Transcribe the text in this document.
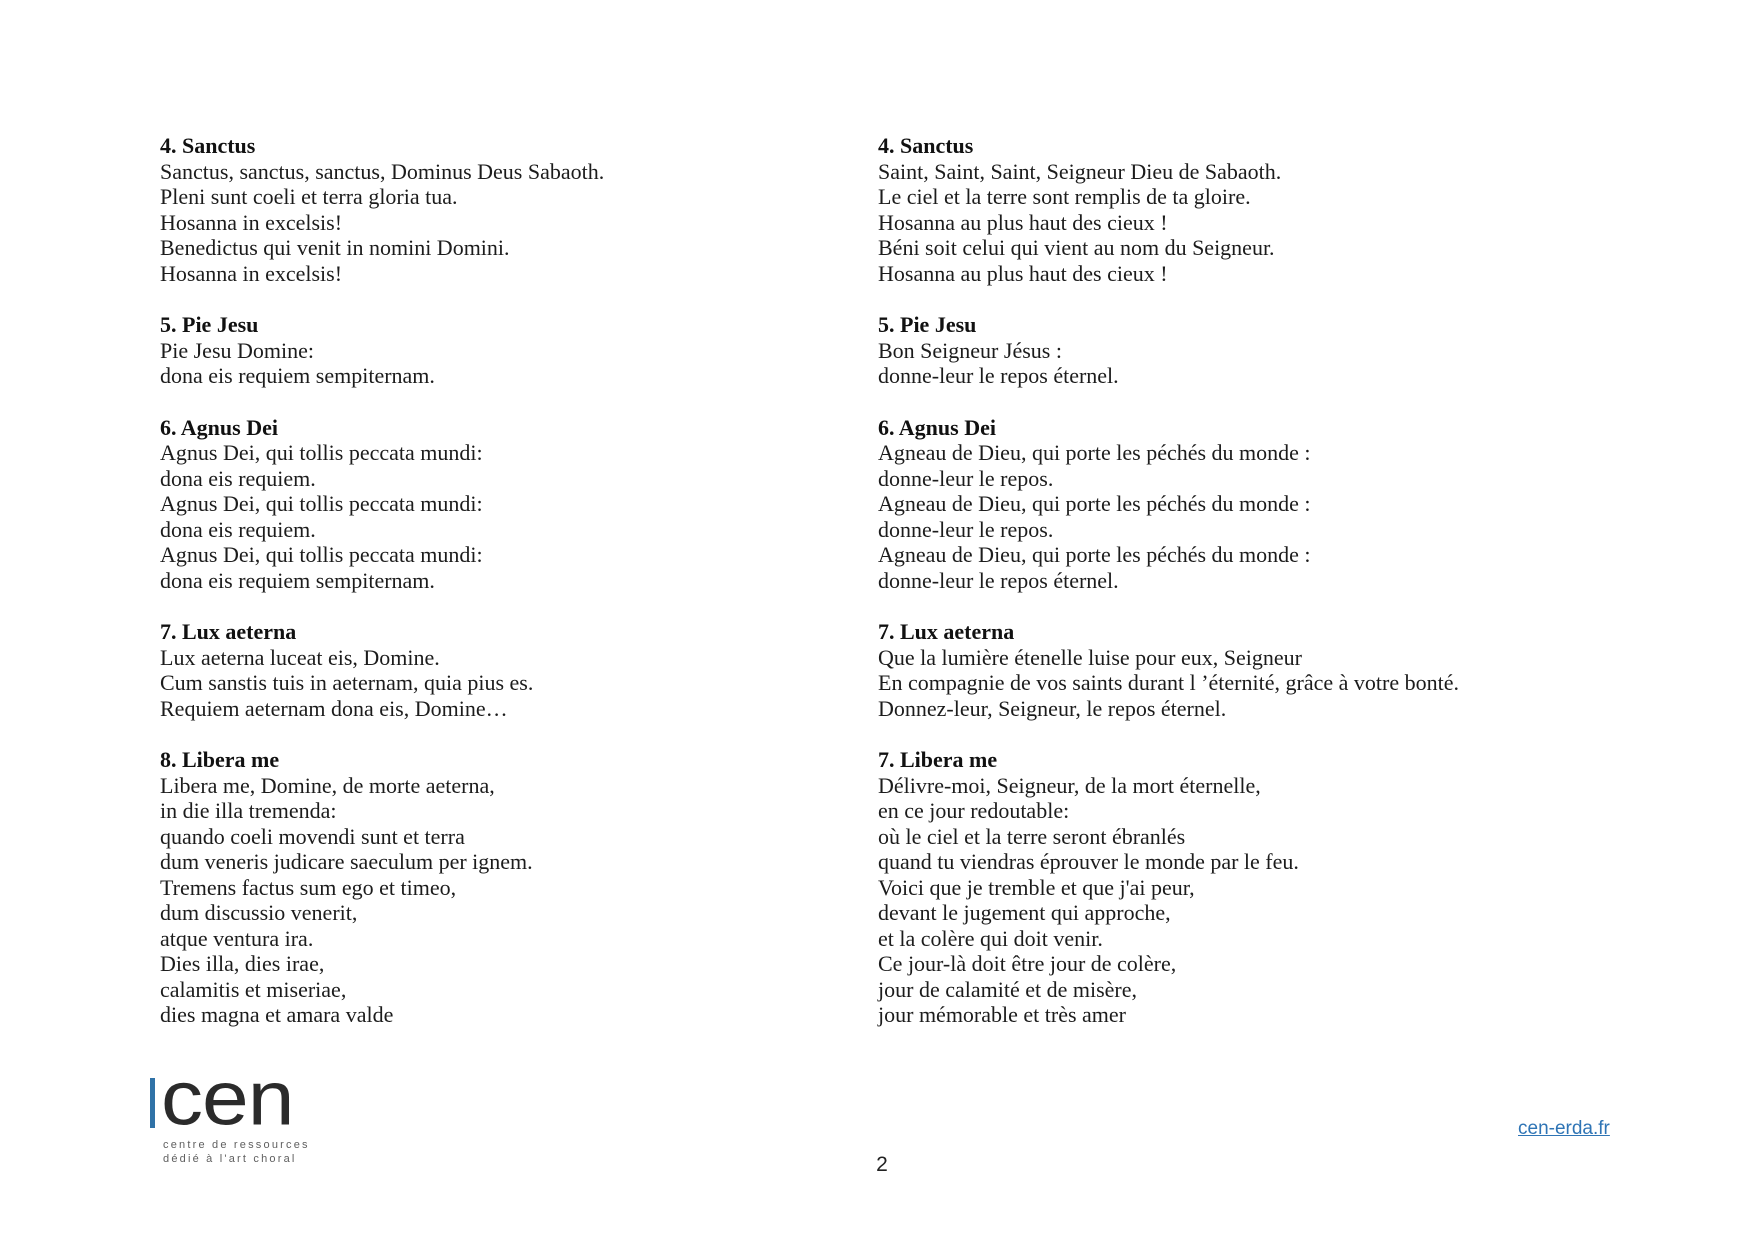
4. Sanctus
Sanctus, sanctus, sanctus, Dominus Deus Sabaoth.
Pleni sunt coeli et terra gloria tua.
Hosanna in excelsis!
Benedictus qui venit in nomini Domini.
Hosanna in excelsis!
5. Pie Jesu
Pie Jesu Domine:
dona eis requiem sempiternam.
6. Agnus Dei
Agnus Dei, qui tollis peccata mundi:
dona eis requiem.
Agnus Dei, qui tollis peccata mundi:
dona eis requiem.
Agnus Dei, qui tollis peccata mundi:
dona eis requiem sempiternam.
7. Lux aeterna
Lux aeterna luceat eis, Domine.
Cum sanstis tuis in aeternam, quia pius es.
Requiem aeternam dona eis, Domine…
8. Libera me
Libera me, Domine, de morte aeterna,
in die illa tremenda:
quando coeli movendi sunt et terra
dum veneris judicare saeculum per ignem.
Tremens factus sum ego et timeo,
dum discussio venerit,
atque ventura ira.
Dies illa, dies irae,
calamitis et miseriae,
dies magna et amara valde
4. Sanctus
Saint, Saint, Saint, Seigneur Dieu de Sabaoth.
Le ciel et la terre sont remplis de ta gloire.
Hosanna au plus haut des cieux !
Béni soit celui qui vient au nom du Seigneur.
Hosanna au plus haut des cieux !
5. Pie Jesu
Bon Seigneur Jésus :
donne-leur le repos éternel.
6. Agnus Dei
Agneau de Dieu, qui porte les péchés du monde :
donne-leur le repos.
Agneau de Dieu, qui porte les péchés du monde :
donne-leur le repos.
Agneau de Dieu, qui porte les péchés du monde :
donne-leur le repos éternel.
7. Lux aeterna
Que la lumière étenelle luise pour eux, Seigneur
En compagnie de vos saints durant l ’éternité, grâce à votre bonté.
Donnez-leur, Seigneur, le repos éternel.
7. Libera me
Délivre-moi, Seigneur, de la mort éternelle,
en ce jour redoutable:
où le ciel et la terre seront ébranlés
quand tu viendras éprouver le monde par le feu.
Voici que je tremble et que j'ai peur,
devant le jugement qui approche,
et la colère qui doit venir.
Ce jour-là doit être jour de colère,
jour de calamité et de misère,
jour mémorable et très amer
cen
centre de ressources
dédié à l'art choral
cen-erda.fr
2
